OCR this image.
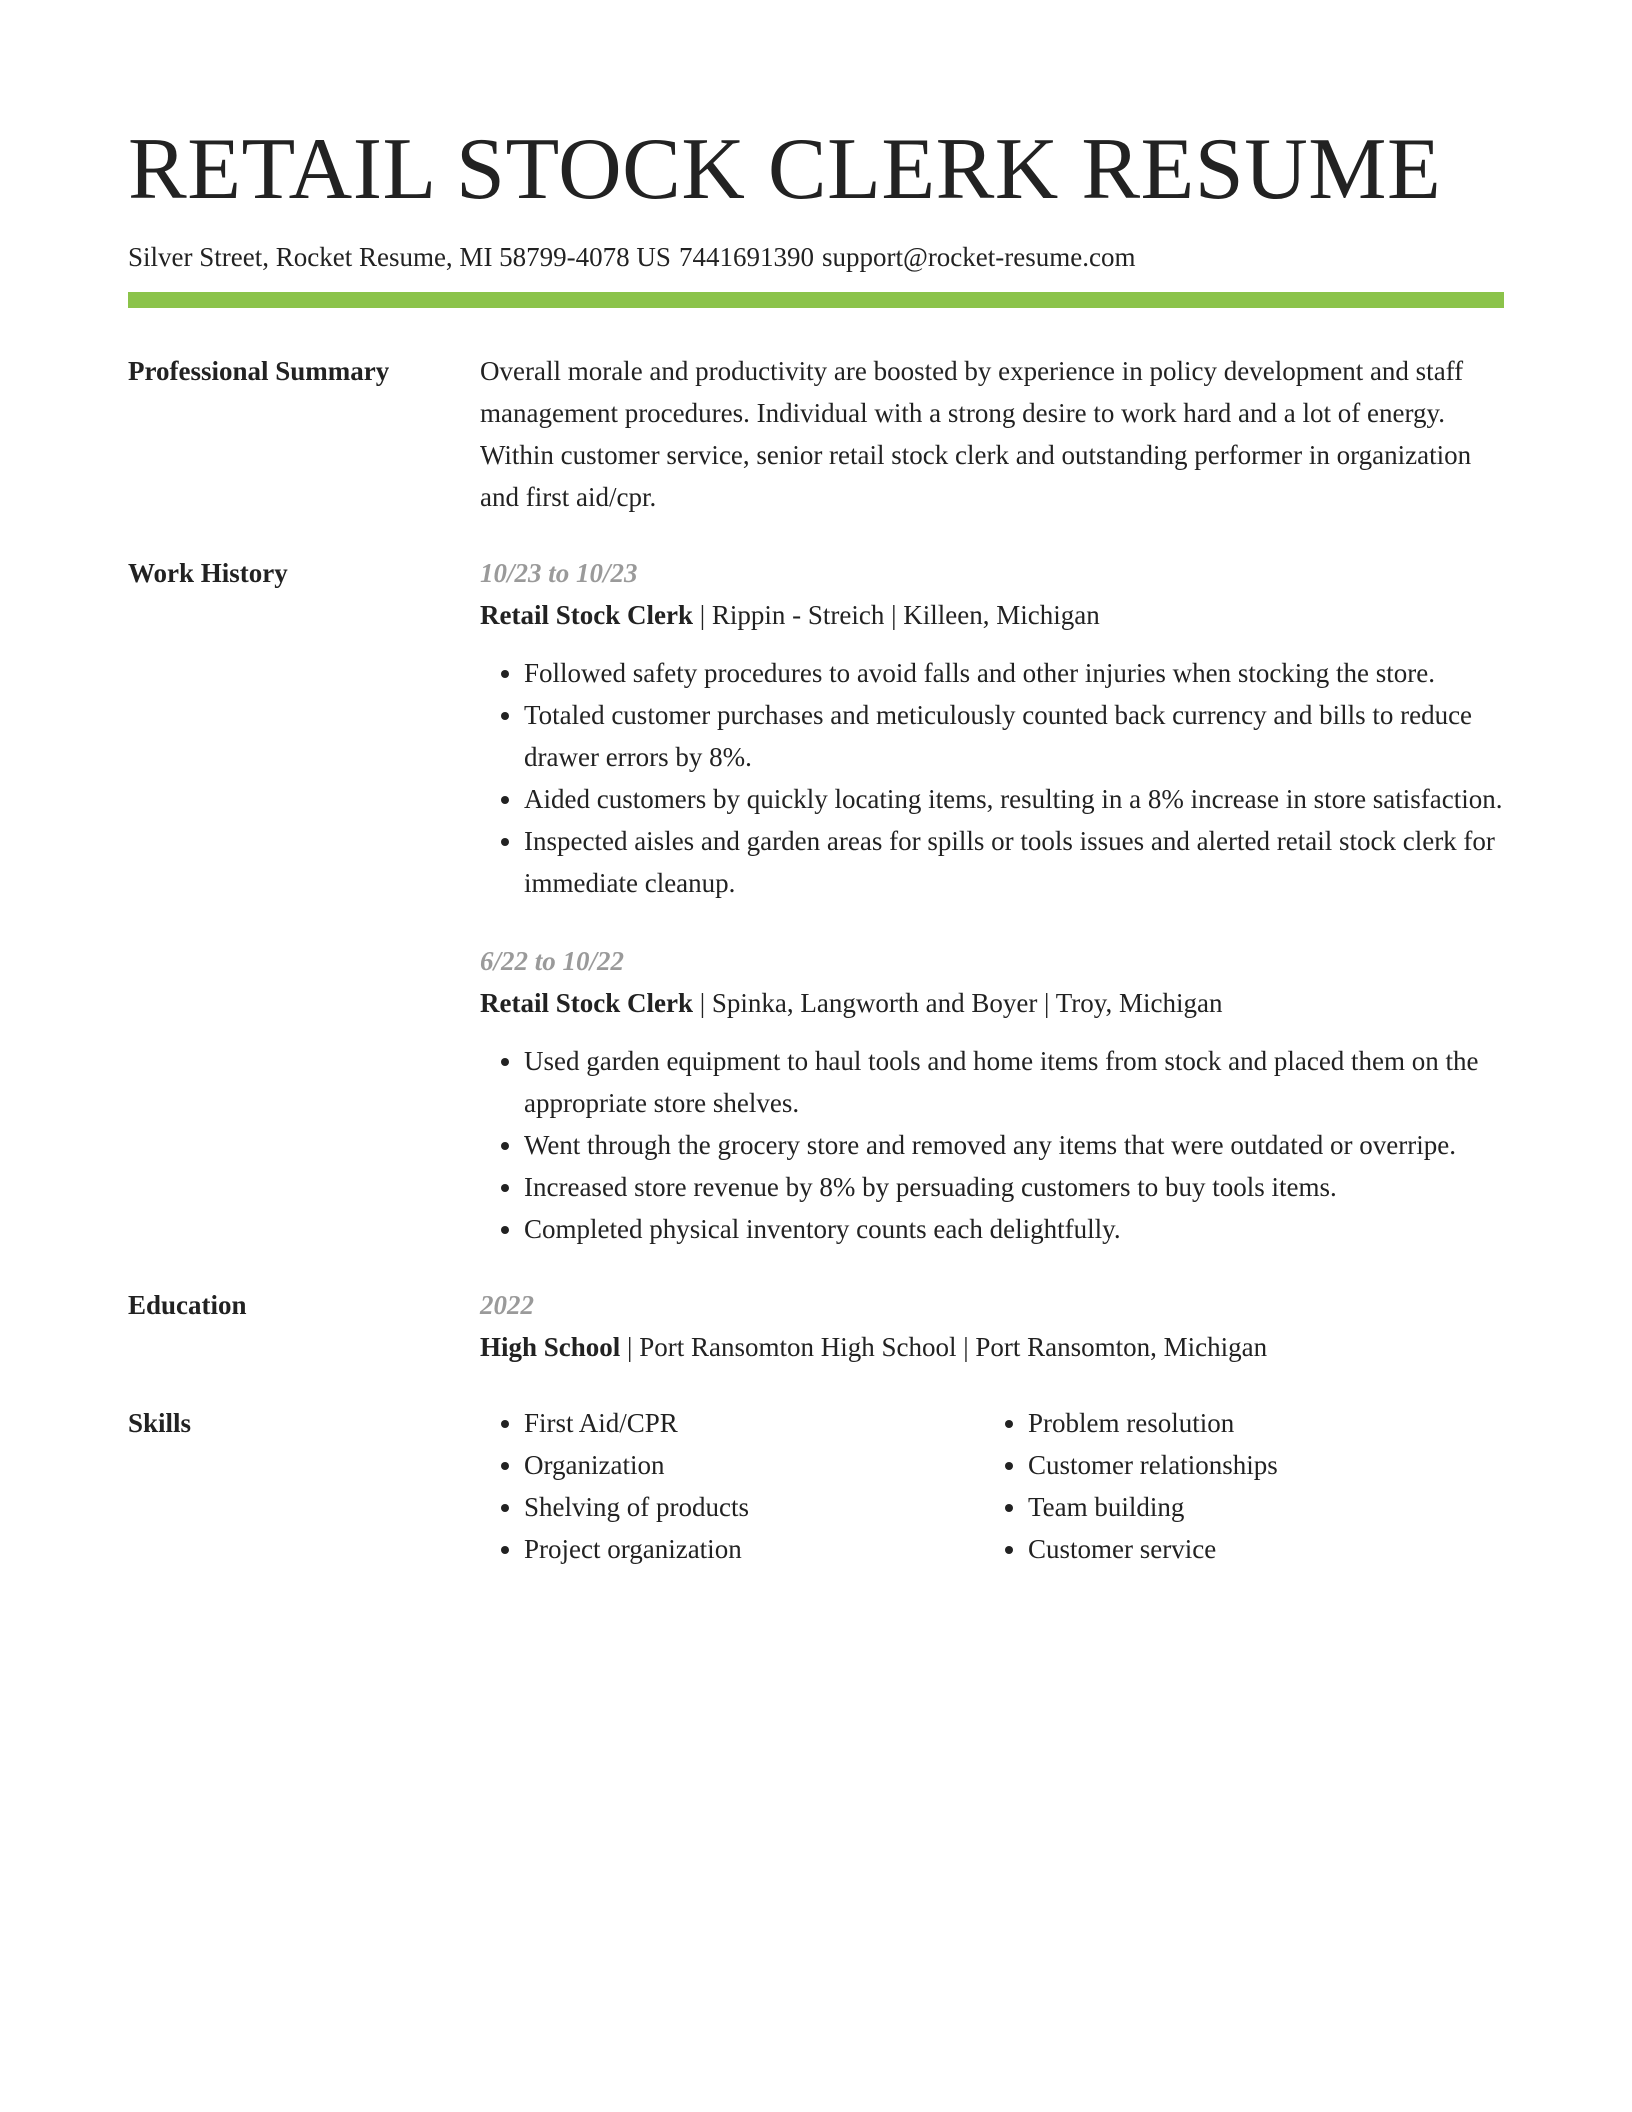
RETAIL STOCK CLERK RESUME
Silver Street, Rocket Resume, MI 58799-4078 US 7441691390 support@rocket-resume.com
Professional Summary	Overall morale and productivity are boosted by experience in policy development and staff management procedures. Individual with a strong desire to work hard and a lot of energy. Within customer service, senior retail stock clerk and outstanding performer in organization and first aid/cpr.

Work History	10/23 to 10/23
Retail Stock Clerk | Rippin - Streich | Killeen, Michigan
• Followed safety procedures to avoid falls and other injuries when stocking the store.
• Totaled customer purchases and meticulously counted back currency and bills to reduce drawer errors by 8%.
• Aided customers by quickly locating items, resulting in a 8% increase in store satisfaction.
• Inspected aisles and garden areas for spills or tools issues and alerted retail stock clerk for immediate cleanup.
6/22 to 10/22
Retail Stock Clerk | Spinka, Langworth and Boyer | Troy, Michigan
• Used garden equipment to haul tools and home items from stock and placed them on the appropriate store shelves.
• Went through the grocery store and removed any items that were outdated or overripe.
• Increased store revenue by 8% by persuading customers to buy tools items.
• Completed physical inventory counts each delightfully.
Education	2022
High School | Port Ransomton High School | Port Ransomton, Michigan
Skills
•	First Aid/CPR
• Organization
• Shelving of products
• Project organization
• Problem resolution
• Customer relationships
• Team building
• Customer service
